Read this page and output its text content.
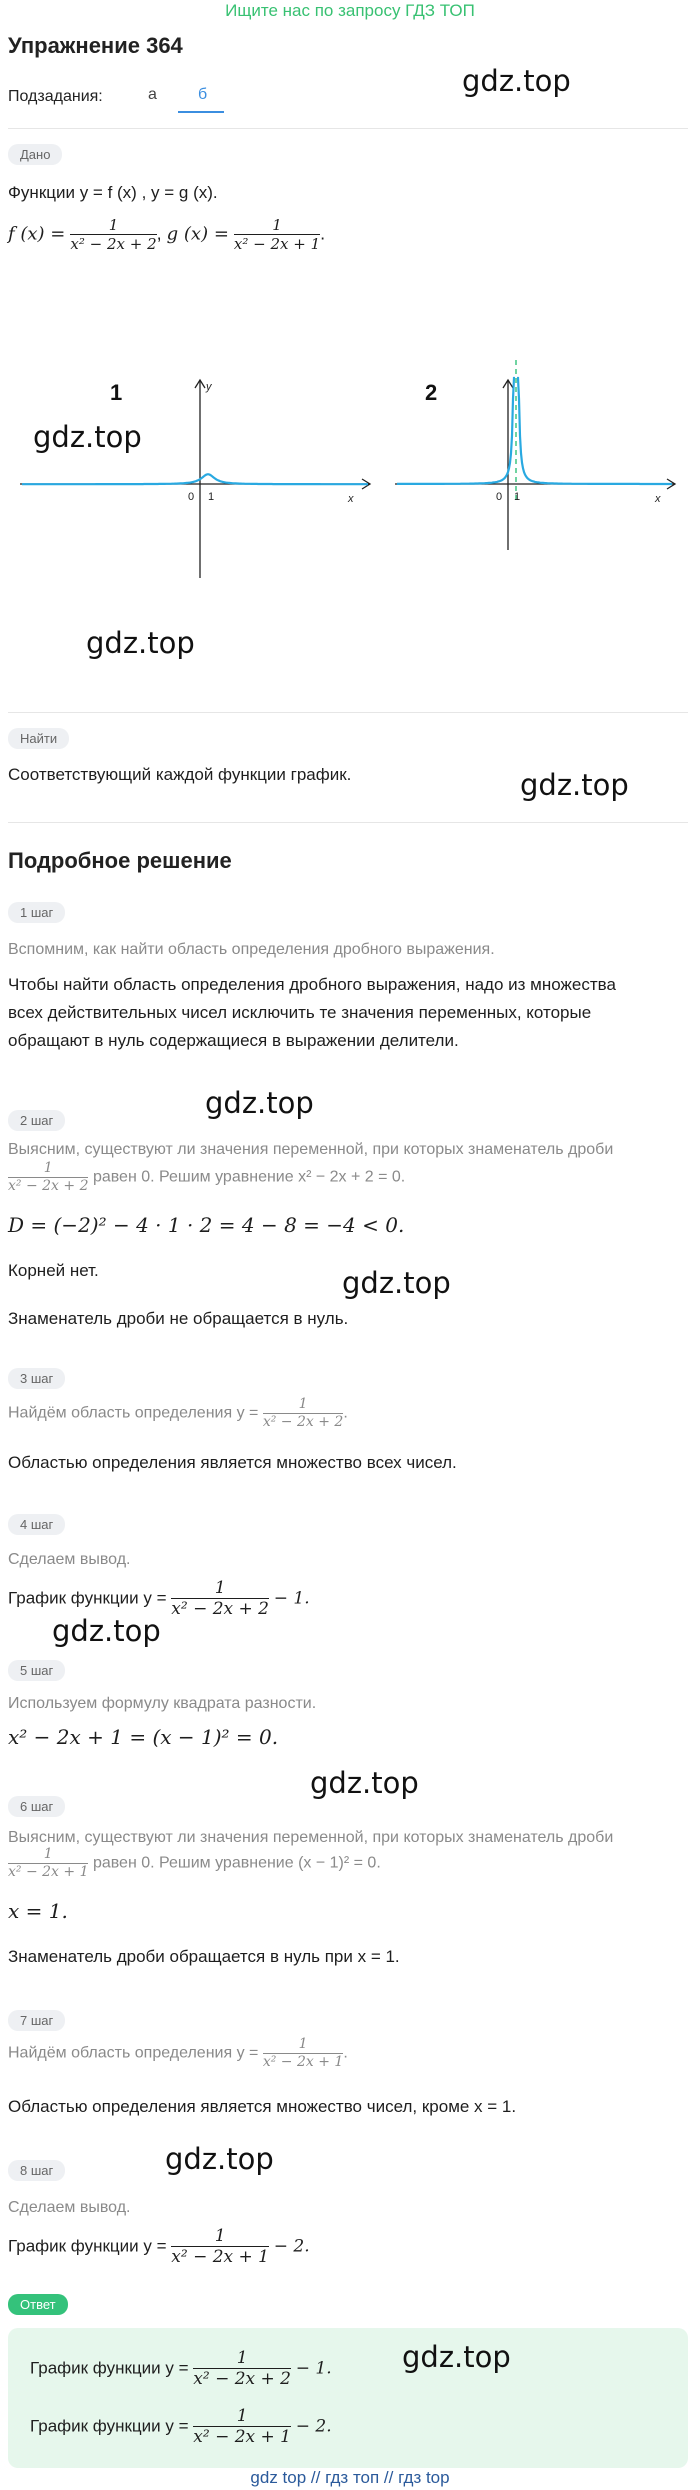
Ищите нас по запросу ГДЗ ТОП
Упражнение 364
Подзадания:	а	б	gdz.top
Дано
Функции y = f (x) , y = g (x).
f $(x) = \frac{1}{\text{x² − 2x + 2}}$ , g $(x) = \frac{1}{\text{x² − 2x + 1}}$ .
1	y
x
0 1
2
x
0 1
gdz.top
gdz.top
Найти
Соответствующий каждой функции график.	gdz.top
Подробное решение
1 шаг
Вспомним, как найти область определения дробного выражения.
Чтобы найти область определения дробного выражения, надо из множества
всех действительных чисел исключить те значения переменных, которые
обращают в нуль содержащиеся в выражении делители.
gdz.top
2 шаг
Выясним, существуют ли значения переменной, при которых знаменатель дроби
$\frac{1}{\text{x² − 2x + 2}}$ равен 0. Решим уравнение x² − 2x + 2 = 0.
D = (−2)² − 4 · 1 · 2 = 4 − 8 = −4 < 0.
Корней нет.	gdz.top
Знаменатель дроби не обращается в нуль.
3 шаг
Найдём область определения $y = \frac{1}{\text{x² − 2x + 2}}$ .
Областью определения является множество всех чисел.
4 шаг
Сделаем вывод.
График функции $y = \frac{1}{\text{x² − 2x + 2}} - 1$.
gdz.top
5 шаг
Используем формулу квадрата разности.
x² − 2x + 1 = (x − 1)² = 0.
gdz.top
6 шаг
Выясним, существуют ли значения переменной, при которых знаменатель дроби
$\frac{1}{\text{x² − 2x + 1}}$ равен 0. Решим уравнение (x − 1)² = 0.
x = 1.
Знаменатель дроби обращается в нуль при x = 1.
7 шаг
Найдём область определения $y = \frac{1}{\text{x² − 2x + 1}}$ .
Областью определения является множество чисел, кроме x = 1.
gdz.top
8 шаг
Сделаем вывод.
График функции $y = \frac{1}{\text{x² − 2x + 1}} - 2$.
Ответ
График функции $y = \frac{1}{\text{x² − 2x + 2}} - 1$. gdz.top
График функции $y = \frac{1}{\text{x² − 2x + 1}} - 2$.
gdz top // гдз топ // гдз top
